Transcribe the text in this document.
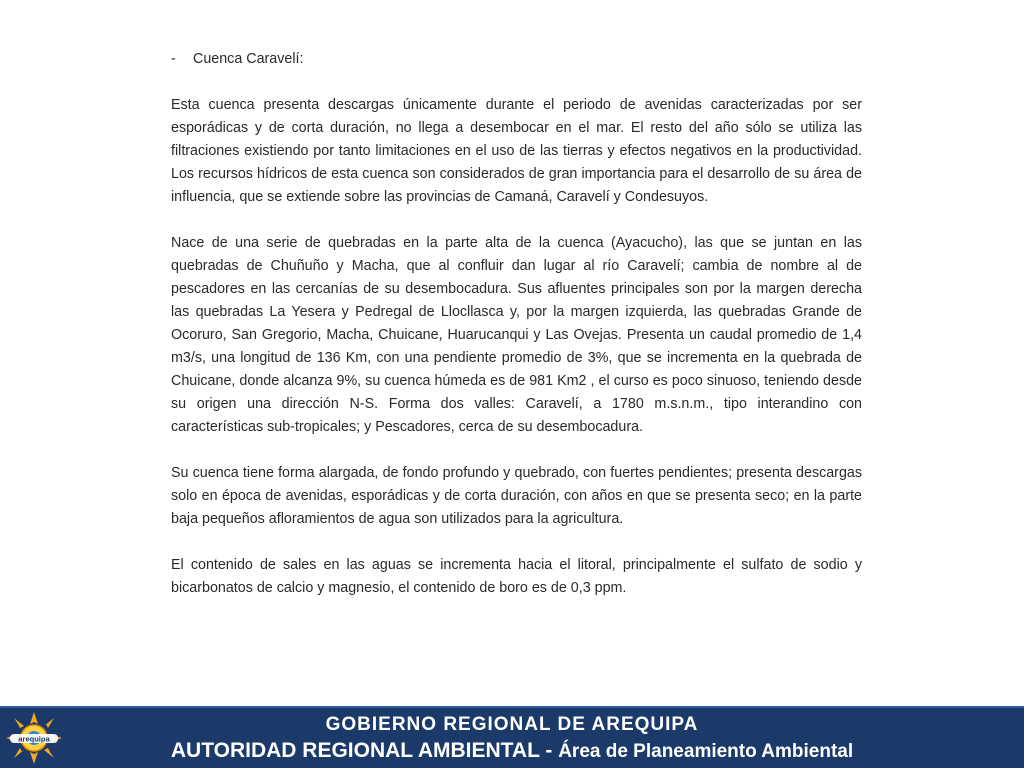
-	Cuenca Caravelí:

Esta cuenca presenta descargas únicamente durante el periodo de avenidas caracterizadas por ser esporádicas y de corta duración, no llega a desembocar en el mar. El resto del año sólo se utiliza las filtraciones existiendo por tanto limitaciones en el uso de las tierras y efectos negativos en la productividad. Los recursos hídricos de esta cuenca son considerados de gran importancia para el desarrollo de su área de influencia, que se extiende sobre las provincias de Camaná, Caravelí y Condesuyos.

Nace de una serie de quebradas en la parte alta de la cuenca (Ayacucho), las que se juntan en las quebradas de Chuñuño y Macha, que al confluir dan lugar al río Caravelí; cambia de nombre al de pescadores en las cercanías de su desembocadura. Sus afluentes principales son por la margen derecha las quebradas La Yesera y Pedregal de Llocllasca y, por la margen izquierda, las quebradas Grande de Ocoruro, San Gregorio, Macha, Chuicane, Huarucanqui y Las Ovejas. Presenta un caudal promedio de 1,4 m3/s, una longitud de 136 Km, con una pendiente promedio de 3%, que se incrementa en la quebrada de Chuicane, donde alcanza 9%, su cuenca húmeda es de 981 Km2 , el curso es poco sinuoso, teniendo desde su origen una dirección N-S. Forma dos valles: Caravelí, a 1780 m.s.n.m., tipo interandino con características sub-tropicales; y Pescadores, cerca de su desembocadura.

Su cuenca tiene forma alargada, de fondo profundo y quebrado, con fuertes pendientes; presenta descargas solo en época de avenidas, esporádicas y de corta duración, con años en que se presenta seco; en la parte baja pequeños afloramientos de agua son utilizados para la agricultura.

El contenido de sales en las aguas se incrementa hacia el litoral, principalmente el sulfato de sodio y bicarbonatos de calcio y magnesio, el contenido de boro es de 0,3 ppm.

arequipa
GOBIERNO REGIONAL DE AREQUIPA
AUTORIDAD REGIONAL AMBIENTAL - Área de Planeamiento Ambiental
